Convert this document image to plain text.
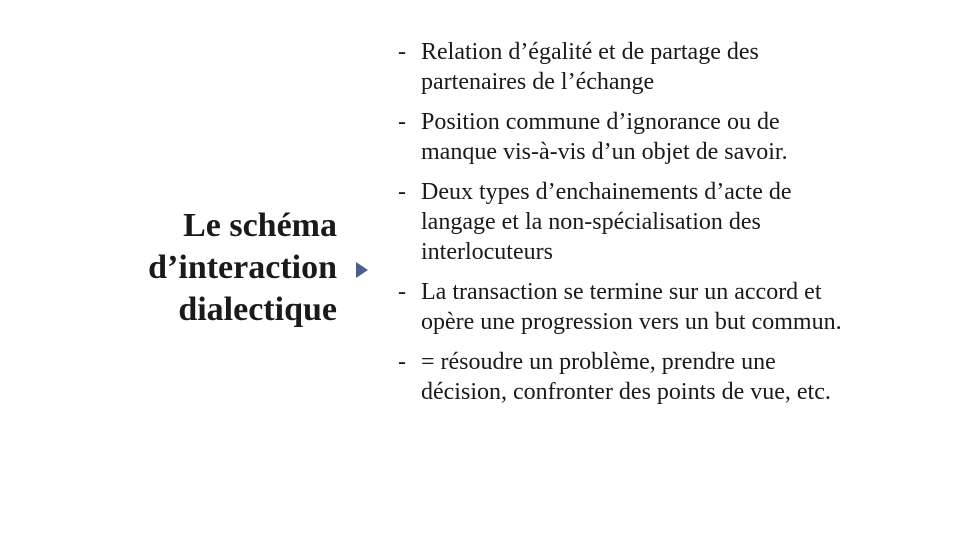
Le schéma
d’interaction
dialectique
- Relation d’égalité et de partage des partenaires de l’échange
- Position commune d’ignorance ou de manque vis-à-vis d’un objet de savoir.
- Deux types d’enchainements d’acte de langage et la non-spécialisation des interlocuteurs
- La transaction se termine sur un accord et opère une progression vers un but commun.
- = résoudre un problème, prendre une décision, confronter des points de vue, etc.
